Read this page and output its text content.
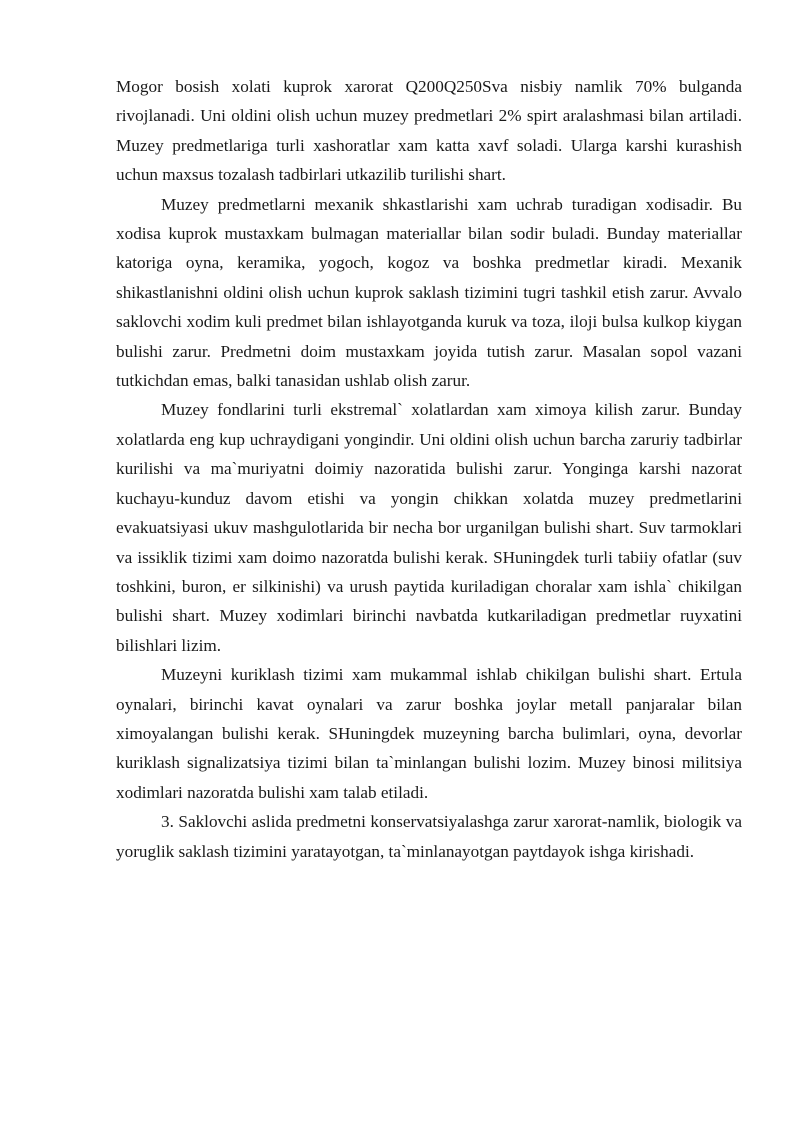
Mogor bosish xolati kuprok xarorat Q200Q250Sva nisbiy namlik 70% bulganda rivojlanadi. Uni oldini olish uchun muzey predmetlari 2% spirt aralashmasi bilan artiladi. Muzey predmetlariga turli xashoratlar xam katta xavf soladi. Ularga karshi kurashish uchun maxsus tozalash tadbirlari utkazilib turilishi shart.

Muzey predmetlarni mexanik shkastlarishi xam uchrab turadigan xodisadir. Bu xodisa kuprok mustaxkam bulmagan materiallar bilan sodir buladi. Bunday materiallar katoriga oyna, keramika, yogoch, kogoz va boshka predmetlar kiradi. Mexanik shikastlanishni oldini olish uchun kuprok saklash tizimini tugri tashkil etish zarur. Avvalo saklovchi xodim kuli predmet bilan ishlayotganda kuruk va toza, iloji bulsa kulkop kiygan bulishi zarur. Predmetni doim mustaxkam joyida tutish zarur. Masalan sopol vazani tutkichdan emas, balki tanasidan ushlab olish zarur.

Muzey fondlarini turli ekstremal` xolatlardan xam ximoya kilish zarur. Bunday xolatlarda eng kup uchraydigani yongindir. Uni oldini olish uchun barcha zaruriy tadbirlar kurilishi va ma`muriyatni doimiy nazoratida bulishi zarur. Yonginga karshi nazorat kuchayu-kunduz davom etishi va yongin chikkan xolatda muzey predmetlarini evakuatsiyasi ukuv mashgulotlarida bir necha bor urganilgan bulishi shart. Suv tarmoklari va issiklik tizimi xam doimo nazoratda bulishi kerak. SHuningdek turli tabiiy ofatlar (suv toshkini, buron, er silkinishi) va urush paytida kuriladigan choralar xam ishla` chikilgan bulishi shart. Muzey xodimlari birinchi navbatda kutkariladigan predmetlar ruyxatini bilishlari lizim.

Muzeyni kuriklash tizimi xam mukammal ishlab chikilgan bulishi shart. Ertula oynalari, birinchi kavat oynalari va zarur boshka joylar metall panjaralar bilan ximoyalangan bulishi kerak. SHuningdek muzeyning barcha bulimlari, oyna, devorlar kuriklash signalizatsiya tizimi bilan ta`minlangan bulishi lozim. Muzey binosi militsiya xodimlari nazoratda bulishi xam talab etiladi.

3. Saklovchi aslida predmetni konservatsiyalashga zarur xarorat-namlik, biologik va yoruglik saklash tizimini yaratayotgan, ta`minlanayotgan paytdayok ishga kirishadi.
